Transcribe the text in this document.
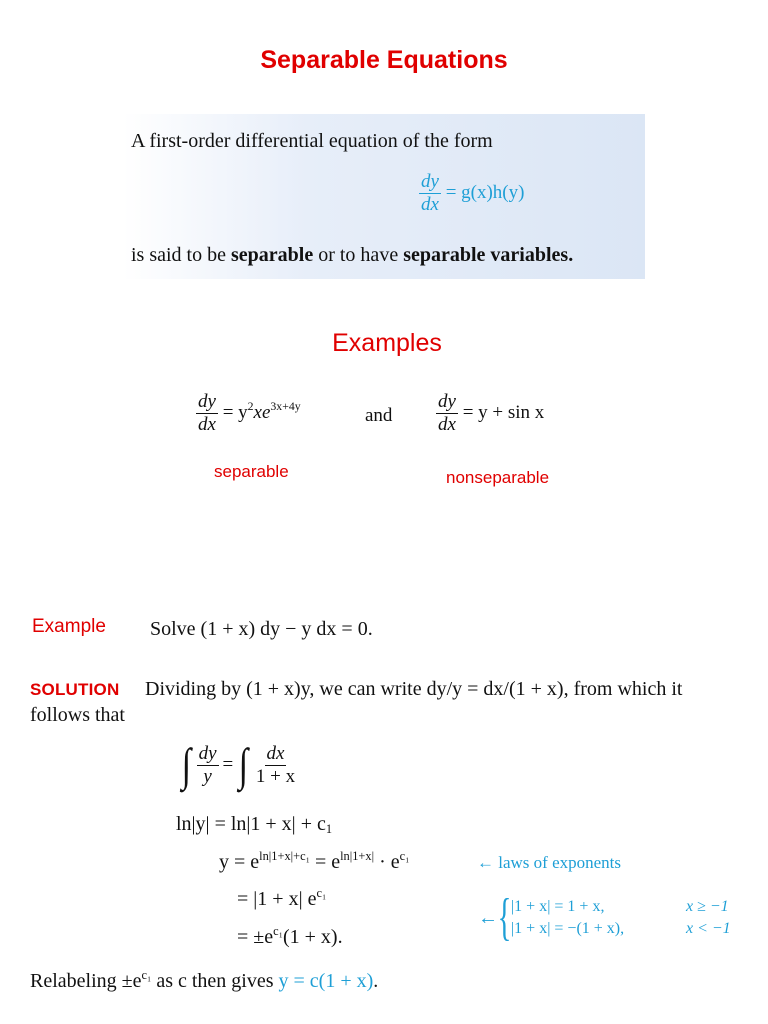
Separable Equations
A first-order differential equation of the form
$\frac{dy}{dx} = g(x)h(y)$
is said to be separable or to have separable variables.
Examples
$\frac{dy}{dx} = y^2xe^{3x+4y}$	and $\frac{dy}{dx} = y + \sin x$
separable	nonseparable
Example Solve (1 + x) dy − y dx = 0.
SOLUTION Dividing by (1 + x)y, we can write dy/y = dx/(1 + x), from which it
follows that
∫ $\frac{dy}{y}$ = ∫ $\frac{dx}{1 + x}$
$\ln|y| = \ln|1 + x| + c_1$
$y = e^{ln|1+x|+c_1} = e^{ln|1+x|} \cdot e^{c_1}$	← laws of exponents
= |1 + x| $e^{c_1}$
= $\pm e^{c_1}(1 + x)$.
← { |1 + x| = 1 + x,	x ≥ −1
|1 + x| = −(1 + x),	x < −1
Relabeling $\pm e^{c_1}$ as c then gives y = c(1 + x).
